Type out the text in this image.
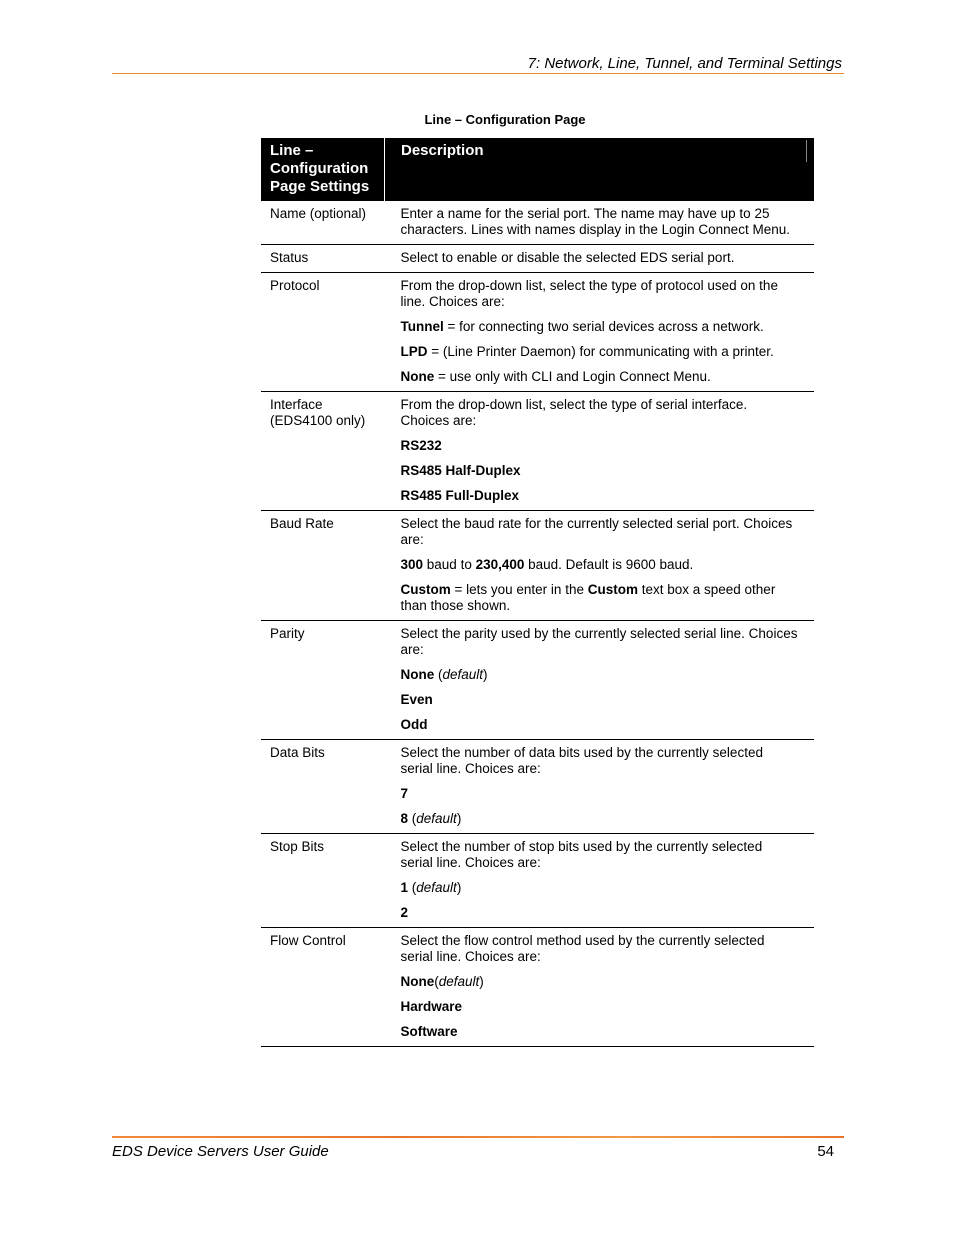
7: Network, Line, Tunnel, and Terminal Settings
Line – Configuration Page
Line – Configuration Page Settings	Description
Name (optional)	Enter a name for the serial port. The name may have up to 25 characters. Lines with names display in the Login Connect Menu.

Status	Select to enable or disable the selected EDS serial port.

Protocol	From the drop-down list, select the type of protocol used on the line. Choices are:

Tunnel = for connecting two serial devices across a network.

LPD = (Line Printer Daemon) for communicating with a printer.

None = use only with CLI and Login Connect Menu.

Interface (EDS4100 only)	From the drop-down list, select the type of serial interface. Choices are:

RS232

RS485 Half-Duplex

RS485 Full-Duplex

Baud Rate	Select the baud rate for the currently selected serial port. Choices are:

300 baud to 230,400 baud. Default is 9600 baud.

Custom = lets you enter in the Custom text box a speed other than those shown.

Parity	Select the parity used by the currently selected serial line. Choices are:

None (default)

Even

Odd

Data Bits	Select the number of data bits used by the currently selected serial line. Choices are:

7

8 (default)

Stop Bits	Select the number of stop bits used by the currently selected serial line. Choices are:

1 (default)

2

Flow Control	Select the flow control method used by the currently selected serial line. Choices are:

None(default)

Hardware

Software

EDS Device Servers User Guide	54
